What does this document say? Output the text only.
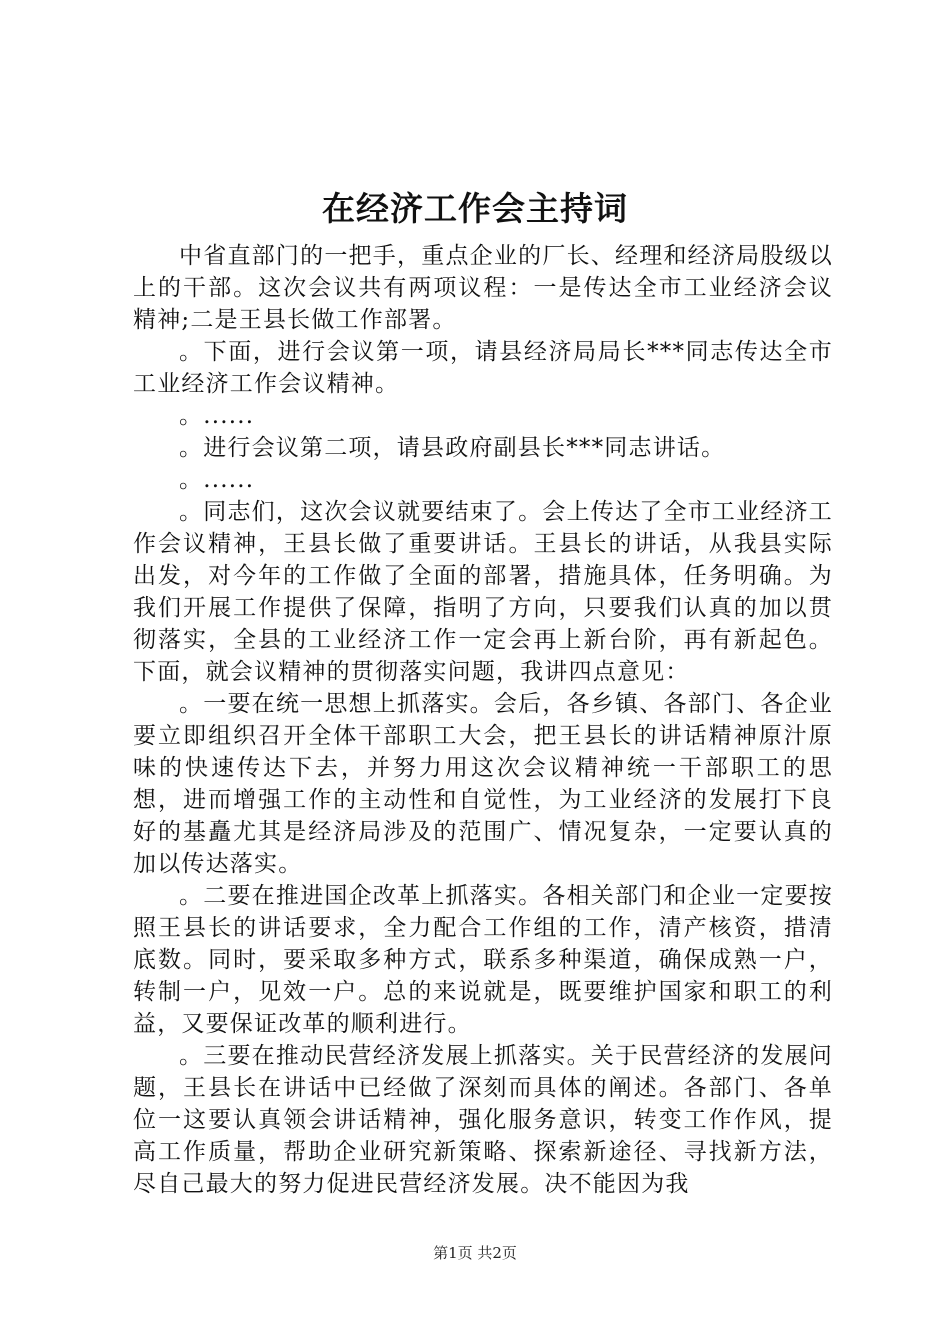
在经济工作会主持词

中省直部门的一把手，重点企业的厂长、经理和经济局股级以上的干部。这次会议共有两项议程：一是传达全市工业经济会议精神;二是王县长做工作部署。

。下面，进行会议第一项，请县经济局局长***同志传达全市工业经济工作会议精神。

。......

。进行会议第二项，请县政府副县长***同志讲话。

。......

。同志们，这次会议就要结束了。会上传达了全市工业经济工作会议精神，王县长做了重要讲话。王县长的讲话，从我县实际出发，对今年的工作做了全面的部署，措施具体，任务明确。为我们开展工作提供了保障，指明了方向，只要我们认真的加以贯彻落实，全县的工业经济工作一定会再上新台阶，再有新起色。下面，就会议精神的贯彻落实问题，我讲四点意见：

。一要在统一思想上抓落实。会后，各乡镇、各部门、各企业要立即组织召开全体干部职工大会，把王县长的讲话精神原汁原味的快速传达下去，并努力用这次会议精神统一干部职工的思想，进而增强工作的主动性和自觉性，为工业经济的发展打下良好的基矗尤其是经济局涉及的范围广、情况复杂，一定要认真的加以传达落实。

。二要在推进国企改革上抓落实。各相关部门和企业一定要按照王县长的讲话要求，全力配合工作组的工作，清产核资，措清底数。同时，要采取多种方式，联系多种渠道，确保成熟一户，转制一户，见效一户。总的来说就是，既要维护国家和职工的利益，又要保证改革的顺利进行。

。三要在推动民营经济发展上抓落实。关于民营经济的发展问题，王县长在讲话中已经做了深刻而具体的阐述。各部门、各单位一这要认真领会讲话精神，强化服务意识，转变工作作风，提高工作质量，帮助企业研究新策略、探索新途径、寻找新方法，尽自己最大的努力促进民营经济发展。决不能因为我

第1页 共2页
